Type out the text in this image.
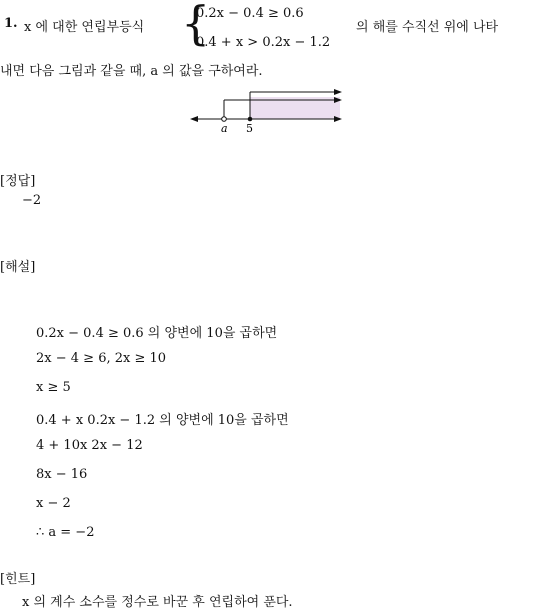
1. x 에 대한 연립부등식 {
0.2x − 0.4 ≥ 0.6
0.4 + x > 0.2x − 1.2
의 해를 수직선 위에 나타
내면 다음 그림과 같을 때, a 의 값을 구하여라.
a 5
[정답]
−2
[해설]
0.2x − 0.4 ≥ 0.6 의 양변에 10을 곱하면
2x − 4 ≥ 6, 2x ≥ 10
x ≥ 5
0.4 + x 0.2x − 1.2 의 양변에 10을 곱하면
4 + 10x 2x − 12
8x − 16
x − 2
∴ a = −2
[힌트]
x 의 계수 소수를 정수로 바꾼 후 연립하여 푼다.
